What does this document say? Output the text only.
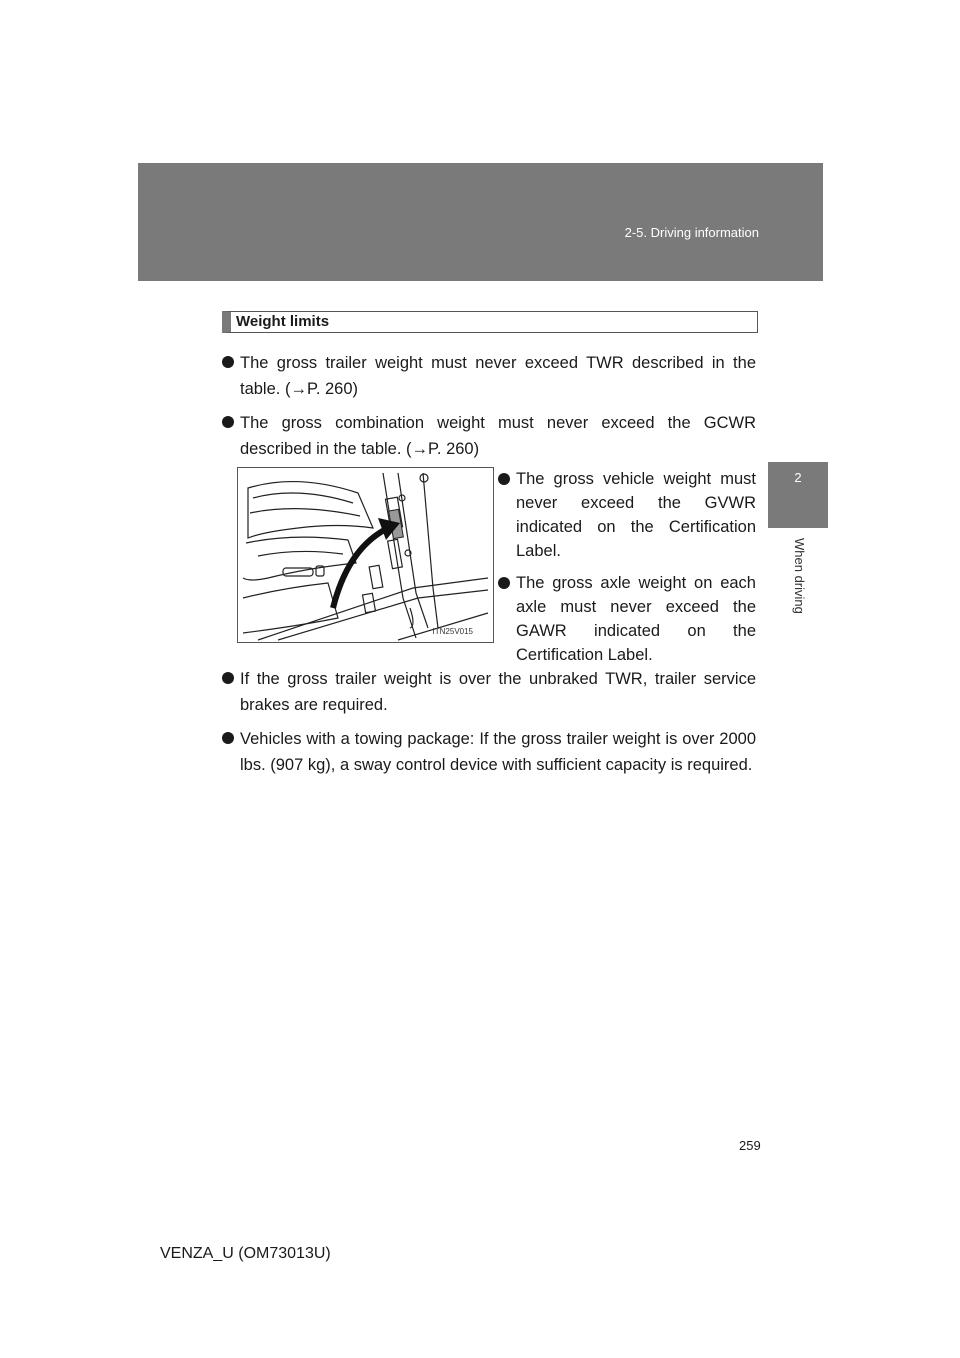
2-5. Driving information
2
When driving
Weight limits
The gross trailer weight must never exceed TWR described in the table. (→P. 260)
The gross combination weight must never exceed the GCWR described in the table. (→P. 260)
ITN25V015
The gross vehicle weight must never exceed the GVWR indicated on the Certification Label.
The gross axle weight on each axle must never exceed the GAWR indicated on the Certification Label.
If the gross trailer weight is over the unbraked TWR, trailer service brakes are required.
Vehicles with a towing package: If the gross trailer weight is over 2000 lbs. (907 kg), a sway control device with sufficient capacity is required.
259
VENZA_U (OM73013U)
